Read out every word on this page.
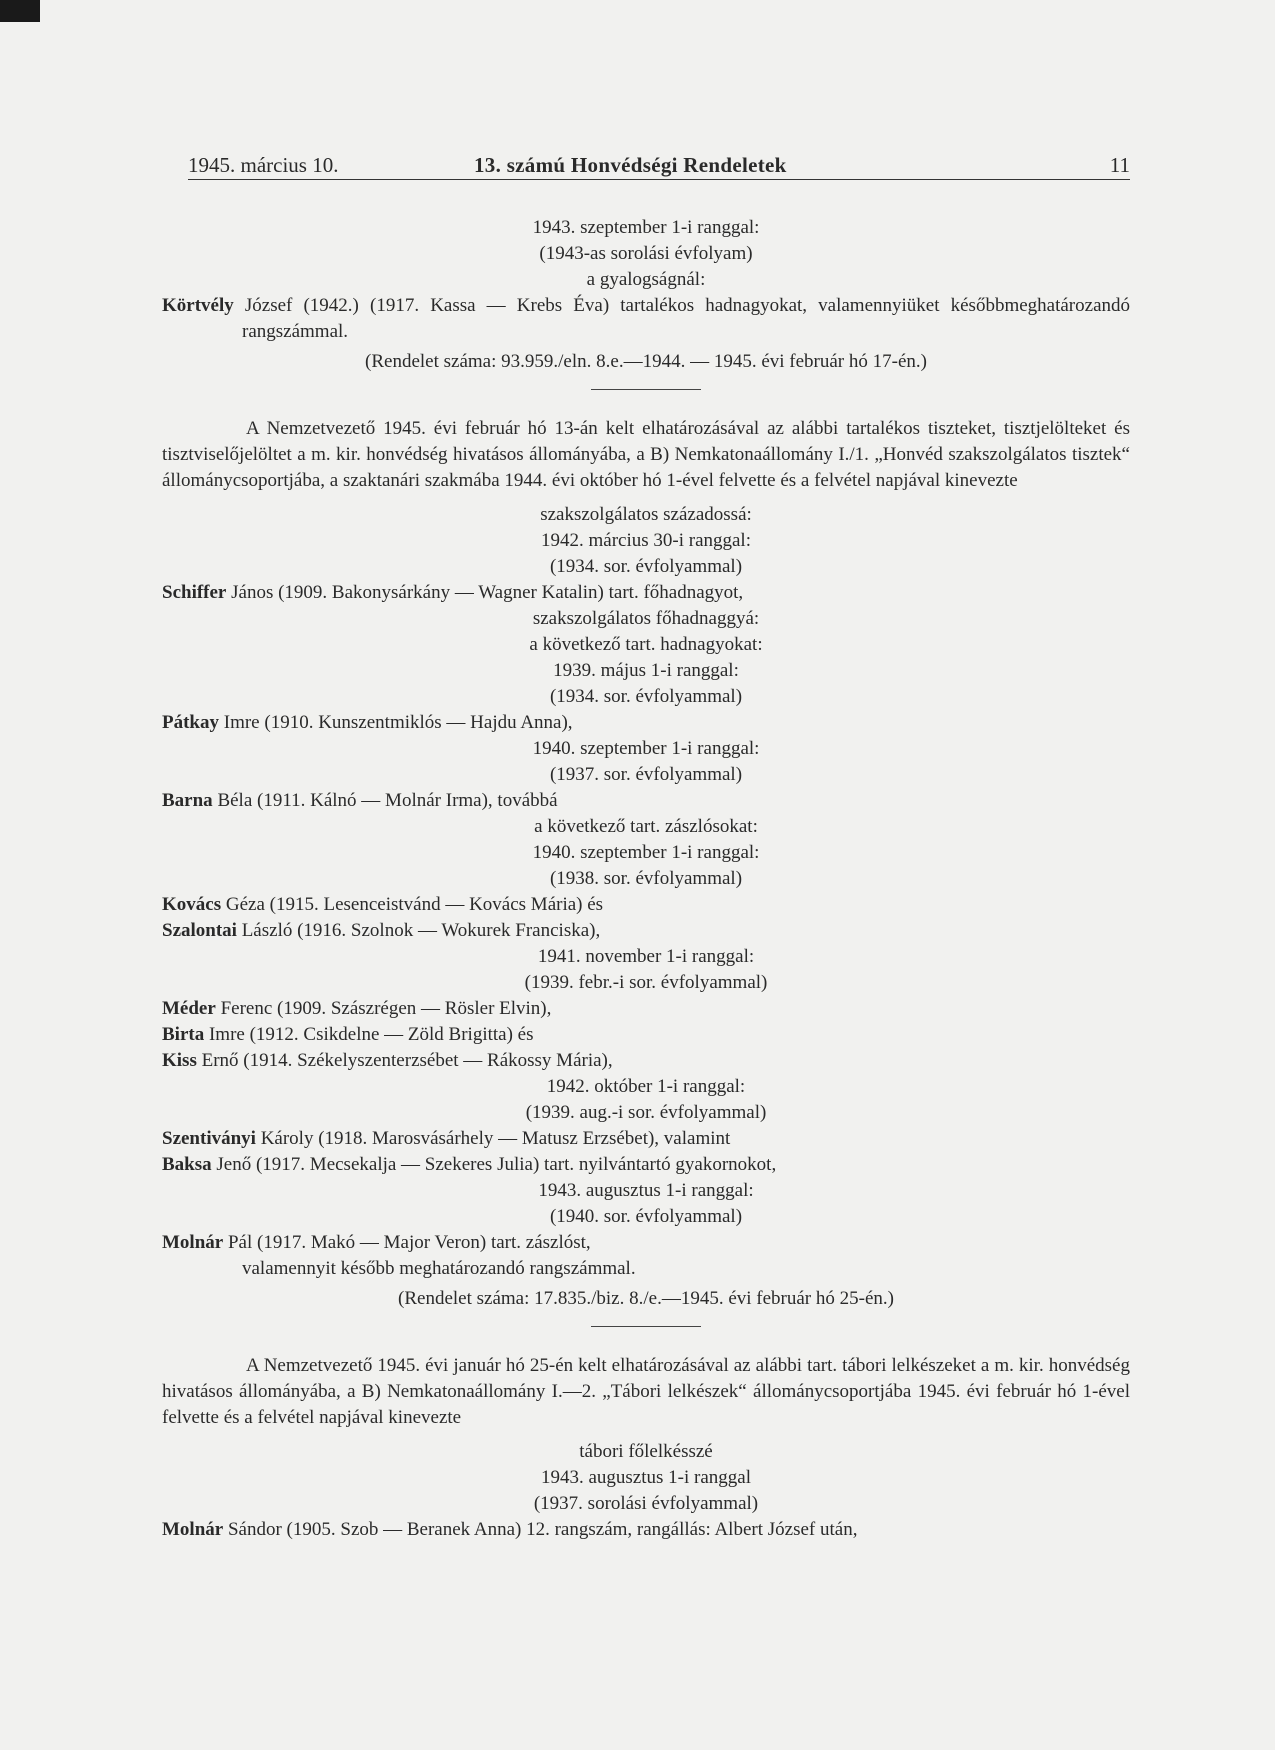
1945. március 10.	13. számú Honvédségi Rendeletek	11

1943. szeptember 1-i ranggal:

(1943-as sorolási évfolyam)

a gyalogságnál:

Körtvély József (1942.) (1917. Kassa — Krebs Éva) tartalékos hadnagyokat, valamennyiüket későbbmeghatározandó rangszámmal.

(Rendelet száma: 93.959./eln. 8.e.—1944. — 1945. évi február hó 17-én.)

A Nemzetvezető 1945. évi február hó 13-án kelt elhatározásával az alábbi tartalékos tiszteket, tisztjelölteket és tisztviselőjelöltet a m. kir. honvédség hivatásos állományába, a B) Nemkatonaállomány I./1. „Honvéd szakszolgálatos tisztek“ állománycsoportjába, a szaktanári szakmába 1944. évi október hó 1-ével felvette és a felvétel napjával kinevezte

szakszolgálatos századossá:

1942. március 30-i ranggal:

(1934. sor. évfolyammal)

Schiffer János (1909. Bakonysárkány — Wagner Katalin) tart. főhadnagyot,

szakszolgálatos főhadnaggyá:

a következő tart. hadnagyokat:

1939. május 1-i ranggal:

(1934. sor. évfolyammal)

Pátkay Imre (1910. Kunszentmiklós — Hajdu Anna),

1940. szeptember 1-i ranggal:

(1937. sor. évfolyammal)

Barna Béla (1911. Kálnó — Molnár Irma), továbbá

a következő tart. zászlósokat:

1940. szeptember 1-i ranggal:

(1938. sor. évfolyammal)

Kovács Géza (1915. Lesenceistvánd — Kovács Mária) és

Szalontai László (1916. Szolnok — Wokurek Franciska),

1941. november 1-i ranggal:

(1939. febr.-i sor. évfolyammal)

Méder Ferenc (1909. Szászrégen — Rösler Elvin),

Birta Imre (1912. Csikdelne — Zöld Brigitta) és

Kiss Ernő (1914. Székelyszenterzsébet — Rákossy Mária),

1942. október 1-i ranggal:

(1939. aug.-i sor. évfolyammal)

Szentiványi Károly (1918. Marosvásárhely — Matusz Erzsébet), valamint

Baksa Jenő (1917. Mecsekalja — Szekeres Julia) tart. nyilvántartó gyakornokot,

1943. augusztus 1-i ranggal:

(1940. sor. évfolyammal)

Molnár Pál (1917. Makó — Major Veron) tart. zászlóst,

valamennyit később meghatározandó rangszámmal.

(Rendelet száma: 17.835./biz. 8./e.—1945. évi február hó 25-én.)

A Nemzetvezető 1945. évi január hó 25-én kelt elhatározásával az alábbi tart. tábori lelkészeket a m. kir. honvédség hivatásos állományába, a B) Nemkatonaállomány I.—2. „Tábori lelkészek“ állománycsoportjába 1945. évi február hó 1-ével felvette és a felvétel napjával kinevezte

tábori főlelkésszé

1943. augusztus 1-i ranggal

(1937. sorolási évfolyammal)

Molnár Sándor (1905. Szob — Beranek Anna) 12. rangszám, rangállás: Albert József után,
